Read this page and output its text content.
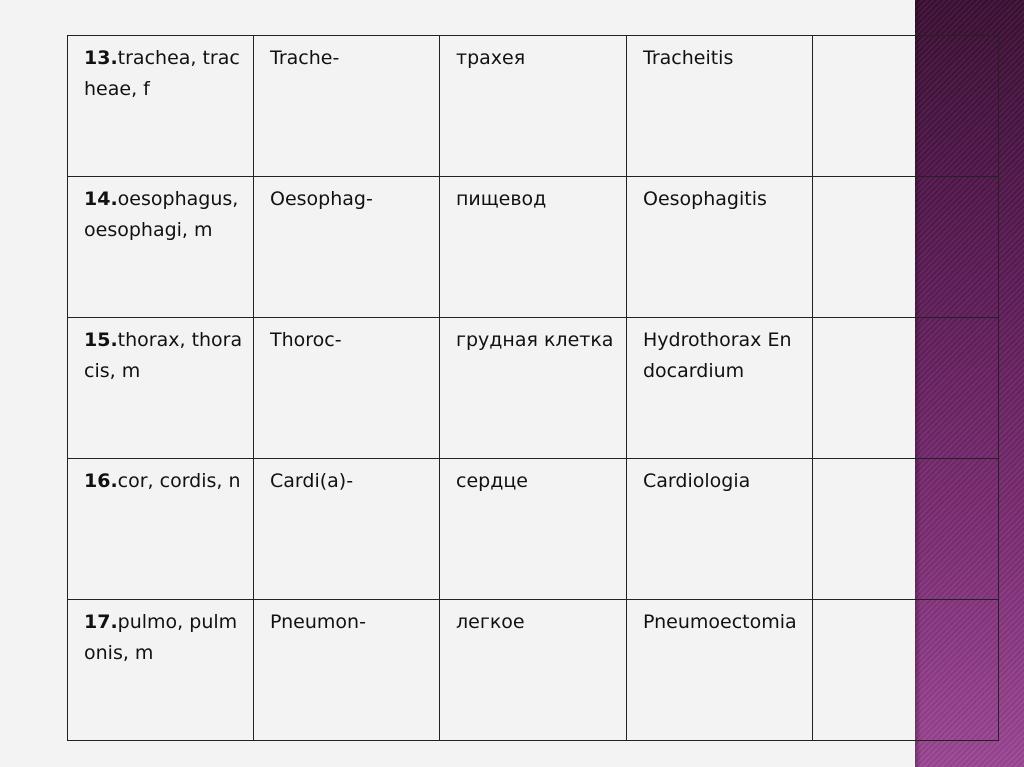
13.trachea, tracheae, f	Trache-	трахея	Tracheitis	
14.oesophagus,oesophagi, m	Oesophag-	пищевод	Oesophagitis	
15.thorax, thoracis, m	Thoroc-	грудная клетка	Hydrothorax Endocardium	
16.cor, cordis, n	Cardi(a)-	сердце	Cardiologia	
17.pulmo, pulmonis, m	Pneumon-	легкое	Pneumoectomia	
